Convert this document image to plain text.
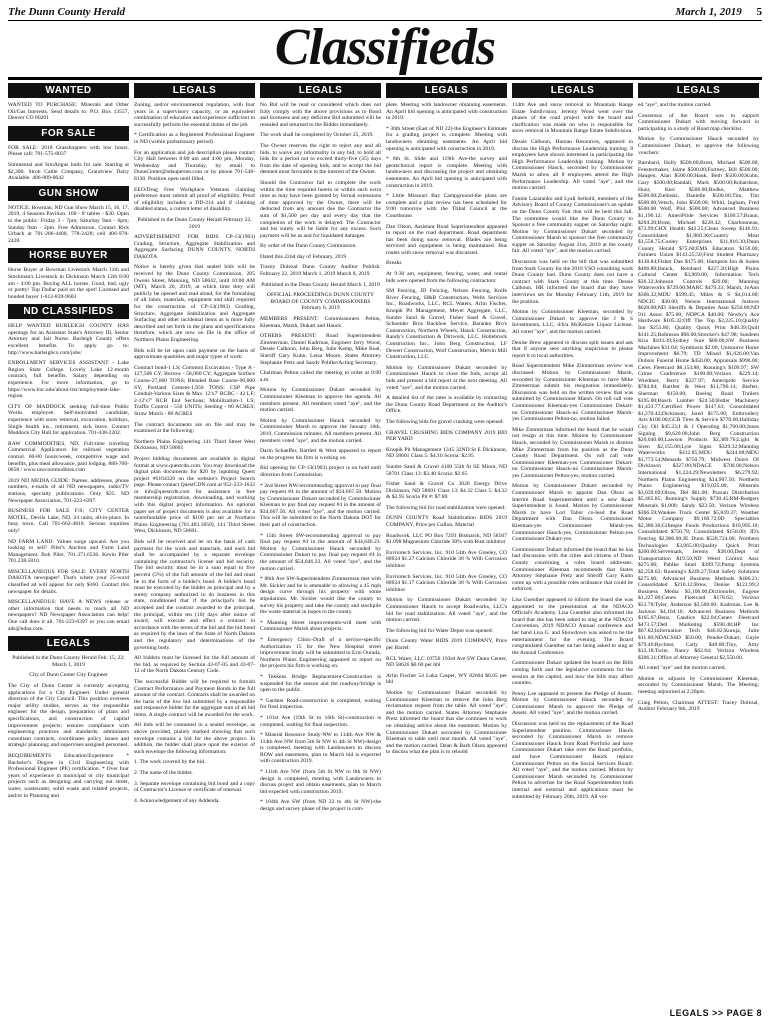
The Dunn County Herald	March 1, 2019 5
Classifieds
WANTED

WANTED TO PURCHASE: Minerals and Other Oil/Gas Interests. Send details to: P.O. Box 13557, Denver CO 80201

FOR SALE

FOR SALE: 2018 Grasshoppers with low hours. Please call: 701-575-8037

Simmental and SimAngus bulls for sale. Starting at $2,300. Stroh Cattle Company, Grandview Dairy Available. 406-989-0642

GUN SHOW

NOTICE: Bowman, ND Gun Show March 15, 16, 17, 2019, 4 Seasons Pavilion. 100 - 8' tables - $30. Open to the public: Friday 3 - 7pm; Saturday 9am - 6pm; Sunday 9am - 2pm. Free Admission. Contact Rick Urbach at 701-206-4400, 778-2428; cell 406-978-2428.

HORSE BUYER

Horse Buyer at Bowman Livestock March 11th and Stockman's Livestock in Dickinson March 12th 8:00 am - 4:00 pm. Buying ALL horses. Good, bad, ugly or pretty! Top Dollar paid on the spot! Licensed and bonded buyer 1-612-839-9603

ND CLASSIFIEDS

HELP WANTED BURLEIGH COUNTY HAS openings for an Assistant State's Attorney III, Senior Attorney and Jail Nurse. Burleigh County offers excellent benefits. To apply go to: http://www.burleighco.com/jobs/

ENROLLMENT SERVICES ASSISTANT - Lake Region State College. Lovely Lake 12-month contract, full benefits. Salary depending on experience. For more information, go to https://www.lrsc.edu/about-lrsc/employment-lake-region.

CITY OF MADDOCK seeking full-time Public Works employee. Self-motivated candidate, experience with snow removal, excavation, holidays, Single health ins., retirement, sick leave. Contact Maddock City Hall for application. 701-438-2202.

RAW COMMODITIES, ND. Full-time traveling Commercial Applicators for railroad vegetation control. 60-80 hours/week, competitive wage and benefits, plus meal allowance, paid lodging. 888-700-0058 / www.rawcommodities.com

2019 ND MEDIA GUIDE: Names, addresses, phone numbers, e-mails of all ND newspapers, radio/TV stations, specialty publications. Only $25. ND Newspaper Association, 701-223-6397.

BUSINESS FOR SALE F/S: CITY CENTER MOTEL, Devils Lake, ND. 24 units, all-in-place. In busy town. Call 701-662-4818. Serious inquiries only!

ND FARM LAND: Values surge upward. Are you looking to sell? Piler's Auction and Farm Land Management. Bob Piler, 701.371.6536. Kevin Piler 701.238.5810.

MISCELLANEOUS FOR SALE: EVERY NORTH DAKOTA newspaper! That's where your 25-word classified ad will appear for only $160. Contact this newspaper for details.

MISCELLANEOUS: HAVE A NEWS release or other information that needs to reach all ND newspapers? ND Newspaper Association can help! One call does it all. 701-223-6397 or you can email ads@ndna.com.

LEGALS

Published in the Dunn County Herald Feb. 15, 22; March 1, 2019

City of Dunn Center City Engineer

The City of Dunn Center is currently accepting applications for a City Engineer. Under general direction of the City Council. This position oversees major utility studies, serves as the responsible engineer for the design, preparation of plans and specifications, and construction of capital improvement projects; ensures compliance with engineering practices and standards; administers consultant contracts; coordinates policy issues and strategic planning; and supervises assigned personnel.

REQUIREMENTS Education/Experience * Bachelor's Degree in Civil Engineering with Professional Engineer (PE) certification. * Over four years of experience in municipal or city municipal projects such as designing and carrying out street, water, wastewater, solid waste and related projects, and/or in Planning and

LEGALS

Zoning, and/or environmental regulation, with four years in a supervisory capacity, or an equivalent combination of education and experience sufficient to successfully perform the essential duties of the job.

* Certification as a Registered Professional Engineer in ND (within probationary period)

For an application and job description please contact City Hall between 8:00 am and 4:00 pm, Monday, Wednesday and Thursday, by email to DunnCenter@ndsupernet.com or by phone 701-548-8130. Position open until filled.

EEO/Drug Free Workplace Veterans claiming preference must submit all proof of eligibility. Proof of eligibility includes a DD-214 and if claiming disabled status, a current letter of disability.

Published in the Dunn County Herald February 22, 2019

ADVERTISEMENT FOR BIDS CP-13(1903) Grading, Structure, Aggregate Stabilization and Aggregate Surfacing DUNN COUNTY, NORTH DAKOTA

Notice is hereby given that sealed bids will be received by the Dunn County Commission, 205 Owens Street, Manning, ND 58642, until 10:00 AM (MT), March 20, 2019, at which time they will publicly be opened and read aloud, for the furnishing of all labor, materials, equipment and skill required for the construction of CP-13(1903) Grading, Structure, Aggregate Stabilization and Aggregate Surfacing and other incidental items as is more fully described and set forth in the plans and specifications therefore, which are now on file in the office of Northern Plains Engineering.

Bids will be let upon cash payment on the basis of approximate quantities and major types of work:

Contract bond-1 LS; Common Excavation - Type A - 127,506 CY; Borrow - 58,060 CY; Aggregate Surface Course-27,060 TONS; Blended Base Course-90,000 SY; Portland Cement-1,950 TONS; CSP Pipe Conduit-Various Sizes & Max. 12'x7' RCBC - 42 LF; 2-12'x7' RCB End Sections; Mobilization-1 LS; Traffic Control - 550 UNITS; Seeding - 80 ACRES; Straw Mulch - 80 ACRES

The contract documents are on file and may be examined at the following:

Northern Plains Engineering 141 Third Street West Dickinson, ND 58601

Project bidding documents are available in digital format at www.questcdn.com. You may download the digital plan documents for $20 by inputting Quest project #6164320 on the website's Project Search page. Please contact QuestCDN.com at 952-233-1632 or info@questcdn.com for assistance in free membership registration, downloading, and working with this digital project information. An optional paper set of project documents is also available for a nonrefundable price of $100 per set at Northern Plains Engineering (701.483.1850), 141 Third Street West, Dickinson, ND 58601.

Bids will be received and let on the basis of cash payment for the work and materials, and each bid shall be accompanied by a separate envelope containing the contractor's license and bid security. The bid security must be in a sum equal to five percent (5%) of the full amount of the bid and must be in the form of a bidder's bond. A bidder's bond must be executed by the bidder as principal and by a surety company authorized to do business in this state, conditioned that if the principal's bid be accepted and the contract awarded to the principal, the principal, within ten (10) days after notice of award, will execute and effect a contract in accordance with the terms of the bid and the bid bond as required by the laws of the State of North Dakota and the regulatory and determinations of the governing body.

All bidders must be licensed for the full amount of the bid, as required by Section 43-07-05 and 43-07-12 of the North Dakota Century Code.

The successful Bidder will be required to furnish Contract Performance and Payment Bonds in the full amount of the contract. Contracts shall be awarded on the basis of the low bid submitted by a responsible and responsive bidder for the aggregate sum of all bid items. A single contract will be awarded for the work.

All bids will be contained in a sealed envelope, as above provided, plainly marked showing that such envelope contains a bid for the above project. In addition, the bidder shall place upon the exterior of such envelope the following information:

1. The work covered by the bid.

2. The name of the bidder.

3. Separate envelope containing bid bond and a copy of Contractor's License or certificate of renewal.

4. Acknowledgement of any Addenda.

LEGALS

No Bid will be read or considered which does not fully comply with the above provisions as to Bond and licensees and any deficient Bid submitted will be resealed and returned to the Bidder immediately.

The work shall be completed by October 25, 2019.

The Owner reserves the right to reject any and all bids, to waive any informality in any bid, to hold all bids for a period not to exceed thirty-five (35) days from the date of opening bids, and to accept the bid deemed most favorable to the interest of the Owner.

Should the Contractor fail to complete the work within the time required herein or within such extra time as may have been granted by formal extensions of time approved by the Owner, there will be deducted from any amount due the Contractor the sum of $1,500 per day and every day that the completion of the work is delayed. The Contractor and his surety will be liable for any excess. Such payment will be as and for liquidated damages.

By order of the Dunn County Commission.

Dated this 22nd day of February, 2019

Tracey Dolezal Dunn County Auditor Publish: February 22, 2019 March 1, 2019 March 8, 2019

Published in the Dunn County Herald March 1, 2019

OFFICIAL PROCEEDINGS DUNN COUNTY BOARD OF COUNTY COMMISSIONERS February 6, 2019

MEMBERS PRESENT: Commissioners Pelton, Kleeman, Marsh, Dukart and Hauck.

OTHERS PRESENT: Road Superintendent Zimmerman, Daniel Kadrmas, Engineer Jerry Wood, Dessie Calhoun, John Berg, Julie Kemp, Mike Boal, Sheriff Gary Kuhn, Leisa Moore, States Attorney Stephanie Pretz and Sandy Pohlke/Acting Secretary.

Chairman Pelton called the meeting to order at 9:00 a.m.

Motion by Commissioner Dukart seconded by Commissioner Kleeman to approve the agenda. All members present. All members voted "aye", and the motion carried.

Motion by Commissioner Hauck seconded by Commissioner Marsh to approve the January 16th, 2019, Commission minutes. All members present. All members voted "aye", and the motion carried.

Darin Schaeffer, Bartlett & West appeared to report on the progress his firm is working on.

Bid opening for CP-13(1903) project is on hold until direction from Commission.

* 2nd Street NW-recommending approval to pay final pay request #4 in the amount of $34,667.50. Motion by Commissioner Dukart seconded by Commissioner Kleeman to pay final pay request #4 in the amount of $34,667.50. All voted "aye", and the motion carried. This will be submitted to the North Dakota DOT for their part of construction.

* 15th Street SW-recommending approval to pay final pay request #4 in the amount of $44,646.23. Motion by Commissioner Hauck seconded by Commissioner Dukart to pay final pay request #4 in the amount of $54,846.23. All voted "aye", and the motion carried.

* 86th Ave SW-Superintendent Zimmerman met with Mr. Sickler and he is amenable to allowing a 45 mph design curve through his property with some stipulations. Mr. Sickler would like the county to survey his property and take the county and stockpile the waste material in hopes to the county.

* Manning Street improvements-will meet with Commissioner Marsh about projects.

* Emergency Clinic-Draft of a service-specific Authorization 15 for the New Hospital street improvement Study will be submitted to Erin Ourada, Northern Plains Engineering appeared to report on the projects his firm is working on.

* Tekkens Bridge Replacement-Construction is suspended for the season and the roadway/bridge is open to the public.

* Gardner Road-construction is completed, waiting for final inspection.

* 101st Ave (19th St to 16th St)-construction is completed, waiting for final inspection.

* Mineral Resource Study-NW to 114th Ave NW & 114th Ave NW from 5th St NW to 4th St NW)-design is completed, meeting with Landowners to discuss ROW and easements, plan to March bid is expected with construction 2019.

* 111th Ave NW (from 5th St NW to 8th St NW) design is completed, meeting with Landowners to discuss project and obtain easements, plan to March bid expected with construction 2019.

* 104th Ave SW (from ND 22 to 4th St NW)-the design and survey phase of the project is com-

LEGALS

plete. Meeting with landowner obtaining easements. An April bid opening is anticipated with construction in 2019.

* 30th Street (East of ND 22)-the Engineer's Estimate for a grading project is complete. Meeting with landowners obtaining easements. An April bid opening is anticipated with construction in 2019.

* 8th St. Slide and 119th Ave-the survey and geotechnical report is complete. Meeting with landowners and discussing the project and obtaining easements. An April bid opening is anticipated with construction in 2019.

* Little Missouri Bay Campground-the plans are complete and a plan review has been scheduled for 9:00 tomorrow with the Tribal Council at the Courthouse.

Dan Olson, Assistant Road Superintendent appeared to report on the road department. Road department has been doing snow removal. Blades are being serviced and equipment is being maintained. Bus routes with snow removal was discussed.

Breaks

At 9:30 am, equipment, fencing, water, and rental bids were opened from the following contractors:

SM Fencing, JD Fencing, Nelson Fencing, Knife River Fencing, H&B Construction, Wells Services Inc., Roadworks, LLC, RCL Waters, Arlin Fischer, Knopik Pit Management, Meyer Aggregate, LLC, Sundre Sand & Gravel, Fisher Sand & Gravel, Schneider Bros Backhoe Service, Baranko Bro's Construction, Northern Wheels, Hauck Construction, Randy's Construction & Dirtwork, LLC, Holtebruck Construction Inc., John Berg Construction, LF Dewert Construction, Wolf Construction, Melvin Mill Construction, LLC.

Motion by Commissioner Dukart seconded by Commissioner Hauck to close the bids, accept all bids and present a bid report at the next meeting. All voted "aye", and the motion carried.

A detailed list of the rates is available by contacting the Dunn County Road Department or the Auditor's Office.

The following bids for gravel crushing were opened:

GRAVEL CRUSHING BIDS COMPANY 2019 BID PER YARD

Knopik Pit Management 1345 32ND St E Dickinson, ND 58601 Class 5: $4.10 Scoria: $2.95

Sundre Sand & Gravel 4100 55th St SE Minot, ND 58701 Class 13: $3.40 Scoria: $2.65

Fisher Sand & Gravel Co 3020 Energy Drive Dickinson, ND 58601 Class 13: $4.32 Class 5: $4.32 & $2.95 Scoria Pit #: $7.80

The following bid for road stabilization were opened:

DUNN COUNTY Road Stabilization BIDS 2019 COMPANY, Price per Gallon, Material

Roadwork, LLC PO Box 7293 Bismarck, ND 58507 $1.098 Magnesium Chloride 30% with Rust inhibitor

Envirotech Services, Inc. 910 54th Ave Greeley, CO 80634 $1.27 Calcium Chloride 38 % With Corrosion inhibitor

Envirotech Services, Inc. 910 54th Ave Greeley, CO 80634 $1.17 Calcium Chloride 38 % With Corrosion inhibitor

Motion by Commissioner Dukart seconded by Commissioner Hauck to accept Roadworks, LLC's bid for road stabilization. All voted "aye", and the motion carried.

The following bid for Water Depot was opened:

Dunn County Water BIDS 2019 COMPANY, Price per Barrel:

RCL Water, LLC 10750 193rd Ave SW Dunn Center, ND 58626 $0.60 per bbl

Arlin Fischer 54 Luka Casper, WY 82604 $0.65 per bbl

Motion by Commissioner Dukart seconded by Commissioner Kleeman to remove the John Berg reclamation request from the table. All voted "aye", and the motion carried. States Attorney Stephanie Pretz informed the board that she continues to work on obtaining advice about the easement. Motion by Commissioner Dukart seconded by Commissioner Kleeman to table until next month. All voted "aye", and the motion carried. Dean & Barb Olson appeared to discuss what the plan is to rebuild

LEGALS

114th Ave and snow removal in Mountain Range Estate Subdivision. Jeremy Wood went over the phases of the road project with the board and clarification was made on who is responsible for snow removal in Mountain Range Estate Subdivision.

Dessie Calhoun, Human Resources, appeared to discuss the High Performance Leadership training. 8 employees have shown interested in participating the High Performance Leadership training. Motion by Commissioner Hauck, seconded by Commissioner Marsh to allow all 8 employees attend the High Performance Leadership. All voted "aye", and the motion carried.

Fannie Lazaranko and Lyall Seibold, members of the Advisory Board of County Commissioner's an update on the Dunn County Fair that will be held this fall. The committee would like the Dunn County to Sponsor a free community supper on Saturday night. Motion by Commissioner Dukart seconded by Commissioner Marsh to sponsor the free community supper on Saturday August 31st, 2019 at the county fair. All voted "aye", and the motion carried.

Discussion was held on the bill that was submitted from Stark County for the 2018 VSO consulting work Dunn County had. Dunn County does not have a contract with Stark County at this time. Dessie Calhoun, HR informed the board that they have interviews set for Monday February 11th, 2019 for the position.

Motion by Commissioner Kleeman, seconded by Commissioner Dukart to approve the J & S Investments, LLC, d/b/a McKenzie Liquor License. All voted "aye", and the motion carried.

Denise Brew appeared to discuss split issues and ask that if anyone sees anything suspicious to please report it to local authorities.

Road Superintendent Mike Zimmerman review was discussed. Motion by Commissioner Marsh, seconded by Commissioner Kleeman to have Mike Zimmerman submit his resignation immediately. Discussion was held on the written review that was submitted by Commissioner Marsh. On roll call vote Commissioner Kleeman-yes Commissioner Dukart-no Commissioner Hauck-no Commissioner Marsh-yes Commissioner Pelton-no, motion failed.

Mike Zimmerman informed the board that he would not resign at this time. Motion by Commissioner Hauck, seconded by Commissioner Marsh to dismiss Mike Zimmerman from his position as the Dunn County Road Department. On roll call vote Commissioner Kleeman-yes Commissioner Dukart-no Commissioner Hauck-no Commissioner Marsh-yes Commissioner Pelton-yes, motion carried.

Motion by Commissioner Dukart seconded by Commissioner Marsh to appoint Dan Olson as Interim Road Superintendent until a new Road Superintendent is found. Motion by Commissioner Marsh to have Lori Tabor co-lead the Road Department with Dan Olson. Commissioner Kleeman-yes Commissioner Marsh-yes Commissioner Hauck-yes, Commissioner Pelton-yes Commissioner Dukart-yes.

Commissioner Dukart informed the board that he has had discussion with the cities and citizens of Dunn County concerning a roles board addresses. Commissioner Kleeman recommends that States Attorney Stephanie Pretz and Sheriff Gary Kuhn come up with a possible roles ordinance that could be enforced.

Lisa Guenther appeared to inform the board she was appointed to the presentation at the NDACO Official's Academy. Lisa Guenther also informed the board that she has been asked to sing at the NDACO Convention, 2019 NDACO Annual conference and her band Lisa G. and Showdown was asked to be the entertainment for the evening. The Board congratulated Guenther on her being asked to sing at the Annual Conference.

Commissioner Dukart updated the board on the Bills coming forth and the legislative comments for the session at the capitol, and how the bills may affect counties.

Penny Lee appeared to present the Pledge of Assets. Motion by Commissioner Hauck seconded by Commissioner Marsh to approve the Pledge of Assets. All voted "aye", and the motion carried.

Discussion was held on the replacement of the Road Superintendent position. Commissioner Hauck seconded by Commissioner Marsh to remove Commissioner Hauck from Road Portfolio and have Commissioner Dukart take over the Road portfolio, and have Commissioner Hauck replace Commissioner Pelton on the Social Services Board. All voted "aye", and the motion carried. Motion by Commissioner Marsh seconded by Commissioner Pelton to advertise for the Road Superintendent both internal and external and applications must be submitted by February 20th, 2019. All vot-

LEGALS

ed "aye", and the motion carried.

Consensus of the Board was to support Commissioner Dukart with moving forward in participating in a study of Road map checklist.

Motion by Commissioner Hauck seconded by Commissioner Dukart, to approve the following vouchers:

Barnhard, Holly $500.00;Brost, Michael $500.00; Fenstermaker, Jaime $500.00;Fortney, Bill $500.00; Haugen, Alan $500.00;Hauk, Beth $500.00;Kuhn, Gary $500.00;Randall, Mark $500.00;Rohardson, Hunt, Keri $500.00;Rodke, Matthew $500.00;Zielinski, Danielle $500.00;Tim, Tim $500.00;Vetsch, John $500.00; Whitl, Ingham, Fred $500.00 Wolf, Phil $500.00; Advanced Business $1,190.12; AmeriPride Services $100.57;Braun, $204.20;Brost, Michael $228.42; Charbonneau, $72.99;CHX Health $42.25;Clean Sweep $146.93; Consolidated $1,860.36;Country Meat $1,558.75;Cooley Enterprises $11,816.30;Dunn County Herald $75.60;EMS Educators $150.00; Farmers Union $143.25;50;First Student Pharmacy $138.84;Fisher Dan $175.00; Hampton Inn & Suites $466.89;Hauck, Reinhard $227.20;High Plains Cultural Center $3,969.00; Information Tech $36.32;Johnson Controls $20.00; Manning Waterworks $729.00;MARC $479.33; Marsh, JoAnn $306.32;MDU $599.45; Miles & S $4,014.00; NDCIC $30.00; Nelson International Justices $628.00;ND Sheriffs & Deputies Assn $250.00;ND 911 Assoc $75.00; NDPCA $40.00; Newby's Ace Hardware $105.32;Off The Top $2,225.10;Quality Inn $253.80; Quality Quick Print $48.39;Quill $141.25;Robinson $96.00;Strecker's $47.98; Sundeen Kira $103.39;Sydney Sure $60.00;SW Business Machines $31.04; Symbiosis $2.00; Unisource Home Improvement $6.79; TD Mixed $1,026.00;Van Dubois Funeral Home $450.00; Appraisals $990.00; Ceres Fleetcard $8,154.88; Running's $109.97; SW Crime Conference $100.00;Verizon $229.14; Wiedmer, Barry $227.97; Ameriprde Service $784.84; Bartlett & West $11,790.14; Biefert, Sherman $150.00; Boeing Road Trailers $195.00;Bosch Lumber $24.50;Butler Machinery $1,433.77;Certified Power $147.63; Consolidated $1,270.42;Dickinson, Jared $175.00; Embroidery Arts $100.00;GCR Tires & Service $770.00;Halliday City Oil $45.23;J & J Operating $1,700.00;Jones Signing $9,620.00;John Berg Construction $20,040.00;Lawson Products $2,389.76;Light & Siren $2,155.00;Lyle Signs $329.32;Manning Waterworks $412.85;MDU $244.08;MDU $1,773.54;Menards $750.79; Midwest Doors Of Dickinson $327.00;NDACE $700.00;Nelson International $1,224.29;Newsletters $6,279.92; Northern Plains Engineering $34,907.56; Northern Plains Engineering $19,025.00; Minerals $3,039.69;Olson, Del $61.00; Praxair Distribution $5,465.85; Running's Supply $730.45;RM-Rodgers Minerals $1,000; Sandy $23.50; Verizon Wireless $366.59;Waukee Truck Center $5,849.37; Weather Motor Company $9,160.72;0D Specialties $2,380.30;Gillespie Foods Productions $10,995.10; Consolidated $750.78; Consolidated $158.00; JD's Fencing $2,906.00;JE Dunn $528,724.00; Northern Technologies $3,065.00;Quality Quick Print $200.00;Servemark, Jeremy $28.00;Dept of Transportation $19.50;ND Weed Control Assc $275.00; Pahlke Stoel $399.72;Pump Systems $2,258.62; Running's $249.27;Total Safety Solutions $275.00; Advanced Business Methods $486.21; Consolidated $210.12;Brew, Denise $122.99;2 Business Media $3,100.00;Dictionofer, Eugene $1,227.00;Cenex Fleetcard $178.62; Verizon $53.78;Tyler, Anderson $3,500.00; Kadrmas, Lee & Jackson $4,104.16; Advanced Business Methods $165.67;Benz, Candice $22.04;Cenex Fleetcard $473.57;Dell Marketing $590.48;HP Inc $67.82;Information Tech $46.82;Kuruja, Julie $11.60;NDACSSD $50.00; Pender-Dukart, Gayle $79.46;Rychner, Carly $48.00;Tiny, Amy $12.18;Twite, Nancy $62.64; Verizon Wireless $306.31;Office of Attorney General $2,550.00.

All voted "aye" and the motion carried.

Motion to adjourn by Commissioner Kleeman, seconded by Commissioner Marsh. The Meeting; meeting adjourned at 2:20pm.

Craig Pelton, Chairman ATTEST: Tracey Dolezal, Auditor February 6th, 2019

LEGALS >> PAGE 8
